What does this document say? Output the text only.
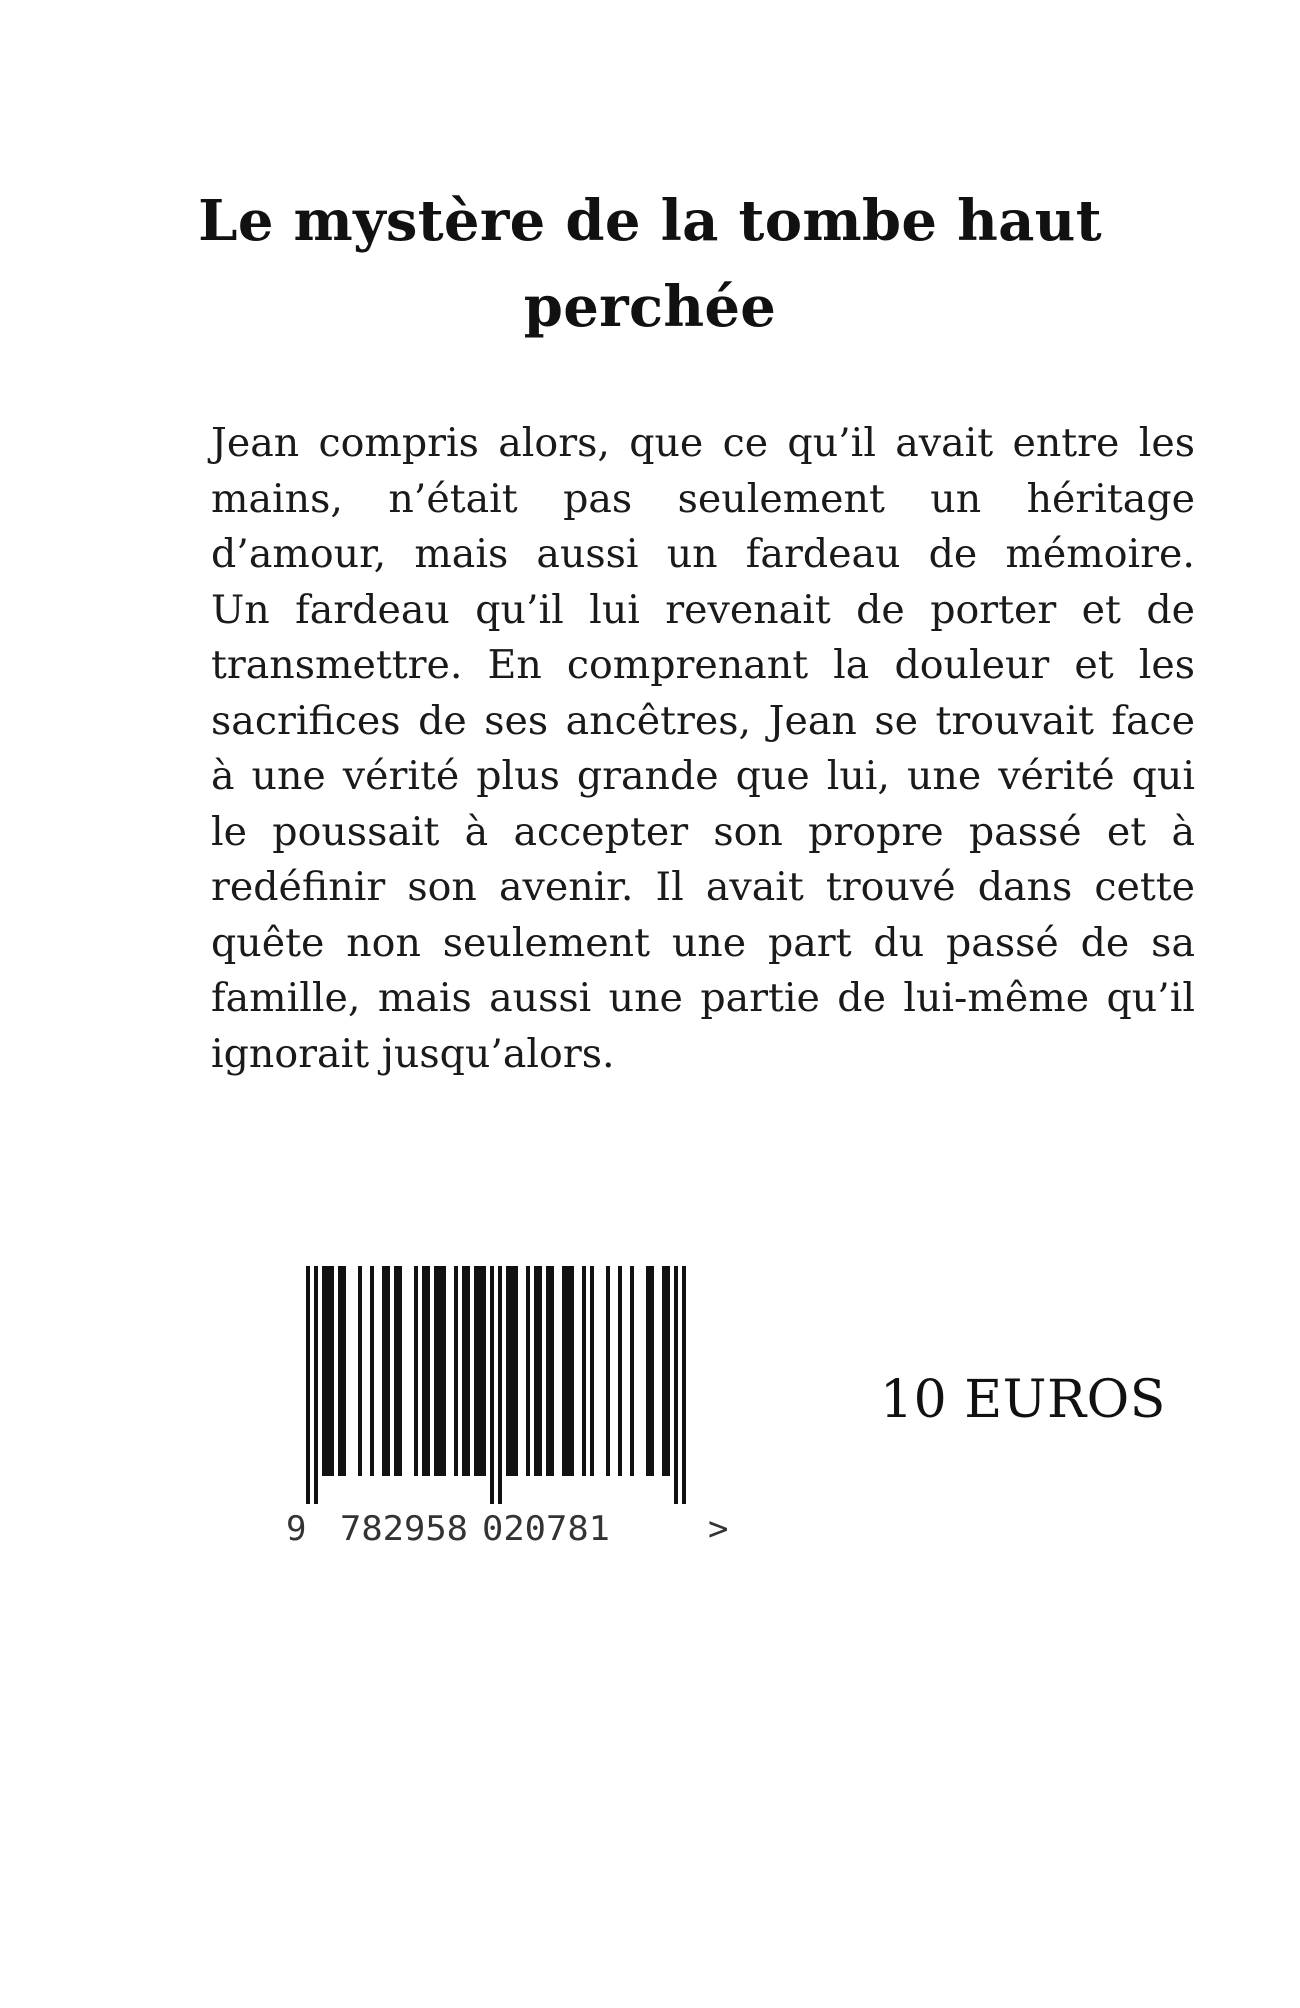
Le mystère de la tombe haut perchée
Jean compris alors, que ce qu’il avait entre les
mains, n’était pas seulement un héritage
d’amour, mais aussi un fardeau de mémoire.
Un fardeau qu’il lui revenait de porter et de
transmettre. En comprenant la douleur et les
sacrifices de ses ancêtres, Jean se trouvait face
à une vérité plus grande que lui, une vérité qui
le poussait à accepter son propre passé et à
redéfinir son avenir. Il avait trouvé dans cette
quête non seulement une part du passé de sa
famille, mais aussi une partie de lui-même qu’il
ignorait jusqu’alors.
9 782958 020781	>

10 EUROS
